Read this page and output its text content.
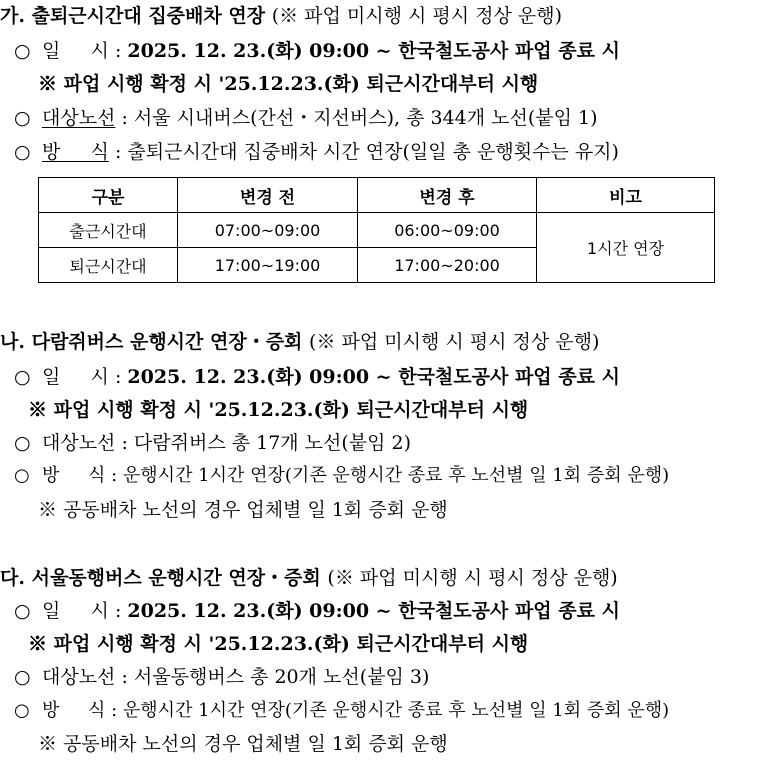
가. 출퇴근시간대 집중배차 연장 (※ 파업 미시행 시 평시 정상 운행)
○ 일     시 : 2025. 12. 23.(화) 09:00 ~ 한국철도공사 파업 종료 시
※ 파업 시행 확정 시 '25.12.23.(화) 퇴근시간대부터 시행
○ 대상노선 : 서울 시내버스(간선・지선버스), 총 344개 노선(붙임 1)
○ 방     식 : 출퇴근시간대 집중배차 시간 연장(일일 총 운행횟수는 유지)
구분	변경 전	변경 후	비고
출근시간대	07:00~09:00	06:00~09:00	1시간 연장
퇴근시간대	17:00~19:00	17:00~20:00	
나. 다람쥐버스 운행시간 연장・증회 (※ 파업 미시행 시 평시 정상 운행)
○ 일     시 : 2025. 12. 23.(화) 09:00 ~ 한국철도공사 파업 종료 시
※ 파업 시행 확정 시 '25.12.23.(화) 퇴근시간대부터 시행
○ 대상노선 : 다람쥐버스 총 17개 노선(붙임 2)
○ 방     식 : 운행시간 1시간 연장(기존 운행시간 종료 후 노선별 일 1회 증회 운행)
※ 공동배차 노선의 경우 업체별 일 1회 증회 운행
다. 서울동행버스 운행시간 연장・증회 (※ 파업 미시행 시 평시 정상 운행)
○ 일     시 : 2025. 12. 23.(화) 09:00 ~ 한국철도공사 파업 종료 시
※ 파업 시행 확정 시 '25.12.23.(화) 퇴근시간대부터 시행
○ 대상노선 : 서울동행버스 총 20개 노선(붙임 3)
○ 방     식 : 운행시간 1시간 연장(기존 운행시간 종료 후 노선별 일 1회 증회 운행)
※ 공동배차 노선의 경우 업체별 일 1회 증회 운행
